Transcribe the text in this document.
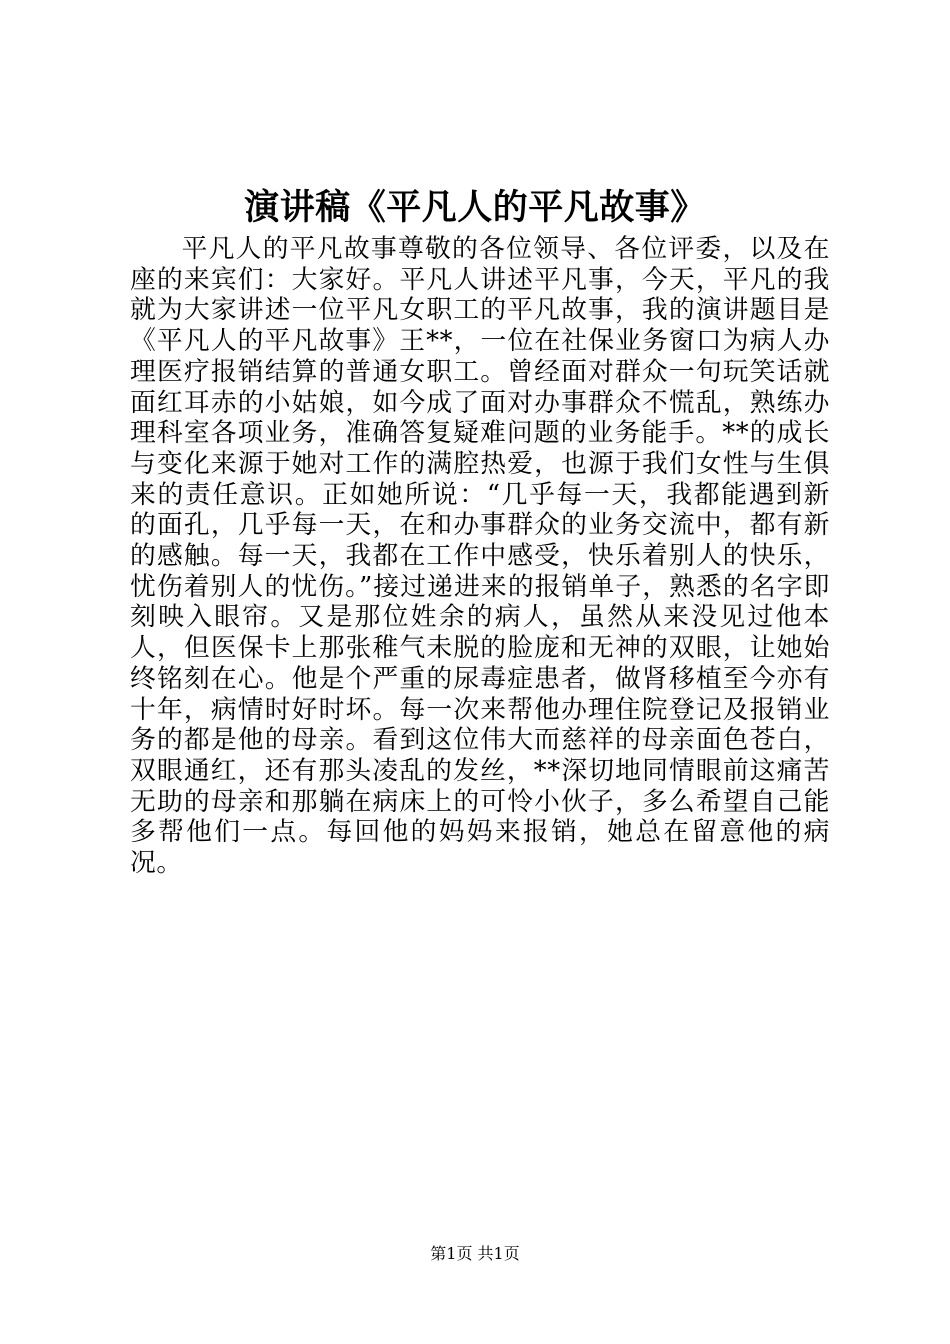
演讲稿《平凡人的平凡故事》

平凡人的平凡故事尊敬的各位领导、各位评委，以及在座的来宾们：大家好。平凡人讲述平凡事，今天，平凡的我就为大家讲述一位平凡女职工的平凡故事，我的演讲题目是《平凡人的平凡故事》王**，一位在社保业务窗口为病人办理医疗报销结算的普通女职工。曾经面对群众一句玩笑话就面红耳赤的小姑娘，如今成了面对办事群众不慌乱，熟练办理科室各项业务，准确答复疑难问题的业务能手。**的成长与变化来源于她对工作的满腔热爱，也源于我们女性与生俱来的责任意识。正如她所说：“几乎每一天，我都能遇到新的面孔，几乎每一天，在和办事群众的业务交流中，都有新的感触。每一天，我都在工作中感受，快乐着别人的快乐，忧伤着别人的忧伤。”接过递进来的报销单子，熟悉的名字即刻映入眼帘。又是那位姓余的病人，虽然从来没见过他本人，但医保卡上那张稚气未脱的脸庞和无神的双眼，让她始终铭刻在心。他是个严重的尿毒症患者，做肾移植至今亦有十年，病情时好时坏。每一次来帮他办理住院登记及报销业务的都是他的母亲。看到这位伟大而慈祥的母亲面色苍白，双眼通红，还有那头凌乱的发丝，**深切地同情眼前这痛苦无助的母亲和那躺在病床上的可怜小伙子，多么希望自己能多帮他们一点。每回他的妈妈来报销，她总在留意他的病况。

第1页 共1页
